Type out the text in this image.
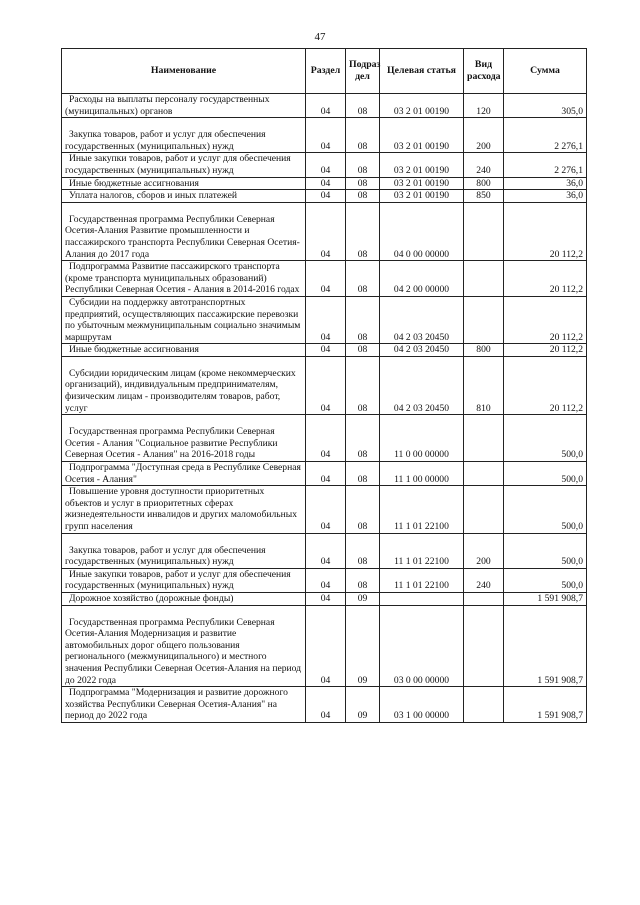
47
Наименование	Раздел	Подраз дел	Целевая статья	Вид расхода	Сумма

Расходы на выплаты персоналу государственных (муниципальных) органов	04	08	03 2 01 00190	120	305,0

Закупка товаров, работ и услуг для обеспечения государственных (муниципальных) нужд	04	08	03 2 01 00190	200	2 276,1

Иные закупки товаров, работ и услуг для обеспечения государственных (муниципальных) нужд	04	08	03 2 01 00190	240	2 276,1

Иные бюджетные ассигнования	04	08	03 2 01 00190	800	36,0

Уплата налогов, сборов и иных платежей	04	08	03 2 01 00190	850	36,0

Государственная программа Республики Северная Осетия-Алания Развитие промышленности и пассажирского транспорта Республики Северная Осетия-Алания до 2017 года	04	08	04 0 00 00000		20 112,2

Подпрограмма Развитие пассажирского транспорта (кроме транспорта муниципальных образований) Республики Северная Осетия - Алания в 2014-2016 годах	04	08	04 2 00 00000		20 112,2

Субсидии на поддержку автотранспортных предприятий, осуществляющих пассажирские перевозки по убыточным межмуниципальным социально значимым маршрутам	04	08	04 2 03 20450		20 112,2

Иные бюджетные ассигнования	04	08	04 2 03 20450	800	20 112,2

Субсидии юридическим лицам (кроме некоммерческих организаций), индивидуальным предпринимателям, физическим лицам - производителям товаров, работ, услуг	04	08	04 2 03 20450	810	20 112,2

Государственная программа Республики Северная Осетия - Алания "Социальное развитие Республики Северная Осетия - Алания" на 2016-2018 годы	04	08	11 0 00 00000		500,0

Подпрограмма "Доступная среда в Республике Северная Осетия - Алания"	04	08	11 1 00 00000		500,0

Повышение уровня доступности приоритетных объектов и услуг в приоритетных сферах жизнедеятельности инвалидов и других маломобильных групп населения	04	08	11 1 01 22100		500,0

Закупка товаров, работ и услуг для обеспечения государственных (муниципальных) нужд	04	08	11 1 01 22100	200	500,0

Иные закупки товаров, работ и услуг для обеспечения государственных (муниципальных) нужд	04	08	11 1 01 22100	240	500,0

Дорожное хозяйство (дорожные фонды)	04	09			1 591 908,7

Государственная программа Республики Северная Осетия-Алания Модернизация и развитие автомобильных дорог общего пользования регионального (межмуниципального) и местного значения Республики Северная Осетия-Алания на период до 2022 года	04	09	03 0 00 00000		1 591 908,7

Подпрограмма "Модернизация и развитие дорожного хозяйства Республики Северная Осетия-Алания" на период до 2022 года	04	09	03 1 00 00000		1 591 908,7
